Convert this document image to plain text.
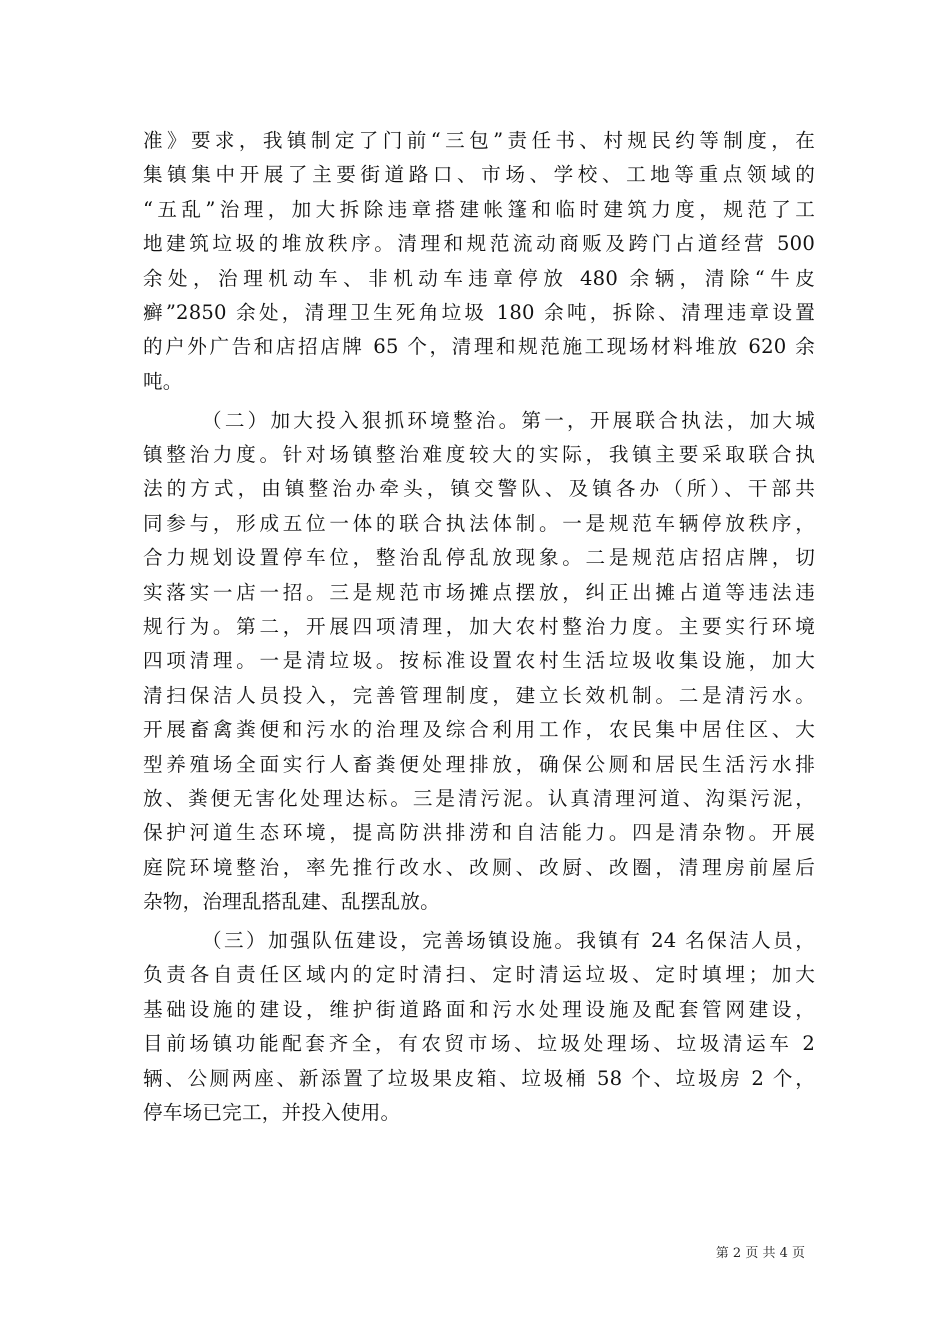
准》要求，我镇制定了门前“三包”责任书、村规民约等制度，在
集镇集中开展了主要街道路口、市场、学校、工地等重点领域的
“五乱”治理，加大拆除违章搭建帐篷和临时建筑力度，规范了工
地建筑垃圾的堆放秩序。清理和规范流动商贩及跨门占道经营 500
余处，治理机动车、非机动车违章停放 480 余辆，清除“牛皮
癣”2850 余处，清理卫生死角垃圾 180 余吨，拆除、清理违章设置
的户外广告和店招店牌 65 个，清理和规范施工现场材料堆放 620 余
吨。
（二）加大投入狠抓环境整治。第一，开展联合执法，加大城
镇整治力度。针对场镇整治难度较大的实际，我镇主要采取联合执
法的方式，由镇整治办牵头，镇交警队、及镇各办（所）、干部共
同参与，形成五位一体的联合执法体制。一是规范车辆停放秩序，
合力规划设置停车位，整治乱停乱放现象。二是规范店招店牌，切
实落实一店一招。三是规范市场摊点摆放，纠正出摊占道等违法违
规行为。第二，开展四项清理，加大农村整治力度。主要实行环境
四项清理。一是清垃圾。按标准设置农村生活垃圾收集设施，加大
清扫保洁人员投入，完善管理制度，建立长效机制。二是清污水。
开展畜禽粪便和污水的治理及综合利用工作，农民集中居住区、大
型养殖场全面实行人畜粪便处理排放，确保公厕和居民生活污水排
放、粪便无害化处理达标。三是清污泥。认真清理河道、沟渠污泥，
保护河道生态环境，提高防洪排涝和自洁能力。四是清杂物。开展
庭院环境整治，率先推行改水、改厕、改厨、改圈，清理房前屋后
杂物，治理乱搭乱建、乱摆乱放。
（三）加强队伍建设，完善场镇设施。我镇有 24 名保洁人员，
负责各自责任区域内的定时清扫、定时清运垃圾、定时填埋；加大
基础设施的建设，维护街道路面和污水处理设施及配套管网建设，
目前场镇功能配套齐全，有农贸市场、垃圾处理场、垃圾清运车 2
辆、公厕两座、新添置了垃圾果皮箱、垃圾桶 58 个、垃圾房 2 个，
停车场已完工，并投入使用。
第 2 页 共 4 页
